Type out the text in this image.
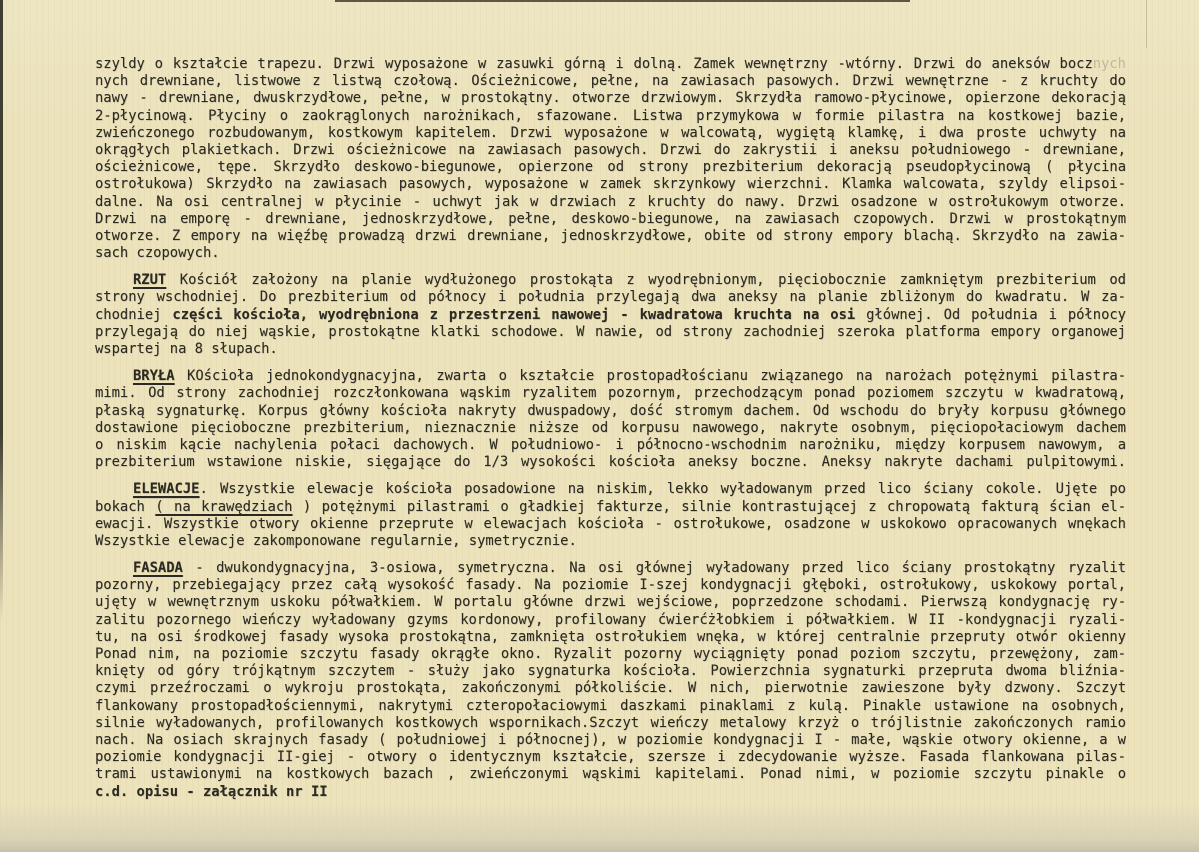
szyldy o kształcie trapezu. Drzwi wyposażone w zasuwki górną i dolną. Zamek wewnętrzny -wtórny. Drzwi do aneksów bocznych
nych drewniane, listwowe z listwą czołową. Ościeżnicowe, pełne, na zawiasach pasowych. Drzwi wewnętrzne - z kruchty do
nawy - drewniane, dwuskrzydłowe, pełne, w prostokątny. otworze drzwiowym. Skrzydła ramowo-płycinowe, opierzone dekoracją
2-płycinową. Płyciny o zaokrąglonych narożnikach, sfazowane. Listwa przymykowa w formie pilastra na kostkowej bazie,
zwieńczonego rozbudowanym, kostkowym kapitelem. Drzwi wyposażone w walcowatą, wygiętą klamkę, i dwa proste uchwyty na
okrągłych plakietkach. Drzwi ościeżnicowe na zawiasach pasowych. Drzwi do zakrystii i aneksu południowego - drewniane,
ościeżnicowe, tępe. Skrzydło deskowo-biegunowe, opierzone od strony prezbiterium dekoracją pseudopłycinową ( płycina
ostrołukowa) Skrzydło na zawiasach pasowych, wyposażone w zamek skrzynkowy wierzchni. Klamka walcowata, szyldy elipsoi-
dalne. Na osi centralnej w płycinie - uchwyt jak w drzwiach z kruchty do nawy. Drzwi osadzone w ostrołukowym otworze.
Drzwi na emporę - drewniane, jednoskrzydłowe, pełne, deskowo-biegunowe, na zawiasach czopowych. Drzwi w prostokątnym
otworze. Z empory na więźbę prowadzą drzwi drewniane, jednoskrzydłowe, obite od strony empory blachą. Skrzydło na zawia-
sach czopowych.
RZUT Kościół założony na planie wydłużonego prostokąta z wyodrębnionym, pięciobocznie zamkniętym prezbiterium od
strony wschodniej. Do prezbiterium od północy i południa przylegają dwa aneksy na planie zbliżonym do kwadratu. W za-
chodniej części kościoła, wyodrębniona z przestrzeni nawowej - kwadratowa kruchta na osi głównej. Od południa i północy
przylegają do niej wąskie, prostokątne klatki schodowe. W nawie, od strony zachodniej szeroka platforma empory organowej
wspartej na 8 słupach.
BRYŁA KOścioła jednokondygnacyjna, zwarta o kształcie prostopadłościanu związanego na narożach potężnymi pilastra-
mimi. Od strony zachodniej rozczłonkowana wąskim ryzalitem pozornym, przechodzącym ponad poziomem szczytu w kwadratową,
płaską sygnaturkę. Korpus główny kościoła nakryty dwuspadowy, dość stromym dachem. Od wschodu do bryły korpusu głównego
dostawione pięcioboczne prezbiterium, nieznacznie niższe od korpusu nawowego, nakryte osobnym, pięciopołaciowym dachem
o niskim kącie nachylenia połaci dachowych. W południowo- i północno-wschodnim narożniku, między korpusem nawowym, a
prezbiterium wstawione niskie, sięgające do 1/3 wysokości kościoła aneksy boczne. Aneksy nakryte dachami pulpitowymi.
ELEWACJE. Wszystkie elewacje kościoła posadowione na niskim, lekko wyładowanym przed lico ściany cokole. Ujęte po
bokach ( na krawędziach ) potężnymi pilastrami o gładkiej fakturze, silnie kontrastującej z chropowatą fakturą ścian el-
ewacji. Wszystkie otwory okienne przeprute w elewacjach kościoła - ostrołukowe, osadzone w uskokowo opracowanych wnękach
Wszystkie elewacje zakomponowane regularnie, symetrycznie.
FASADA - dwukondygnacyjna, 3-osiowa, symetryczna. Na osi głównej wyładowany przed lico ściany prostokątny ryzalit
pozorny, przebiegający przez całą wysokość fasady. Na poziomie I-szej kondygnacji głęboki, ostrołukowy, uskokowy portal,
ujęty w wewnętrznym uskoku półwałkiem. W portalu główne drzwi wejściowe, poprzedzone schodami. Pierwszą kondygnację ry-
zalitu pozornego wieńczy wyładowany gzyms kordonowy, profilowany ćwierćżłobkiem i półwałkiem. W II -kondygnacji ryzali-
tu, na osi środkowej fasady wysoka prostokątna, zamknięta ostrołukiem wnęka, w której centralnie przepruty otwór okienny
Ponad nim, na poziomie szczytu fasady okrągłe okno. Ryzalit pozorny wyciągnięty ponad poziom szczytu, przewężony, zam-
knięty od góry trójkątnym szczytem - służy jako sygnaturka kościoła. Powierzchnia sygnaturki przepruta dwoma bliźnia-
czymi przeźroczami o wykroju prostokąta, zakończonymi półkoliście. W nich, pierwotnie zawieszone były dzwony. Szczyt
flankowany prostopadłościennymi, nakrytymi czteropołaciowymi daszkami pinaklami z kulą. Pinakle ustawione na osobnych,
silnie wyładowanych, profilowanych kostkowych wspornikach.Szczyt wieńczy metalowy krzyż o trójlistnie zakończonych ramio
nach. Na osiach skrajnych fasady ( południowej i północnej), w poziomie kondygnacji I - małe, wąskie otwory okienne, a w
poziomie kondygnacji II-giej - otwory o identycznym kształcie, szersze i zdecydowanie wyższe. Fasada flankowana pilas-
trami ustawionymi na kostkowych bazach , zwieńczonymi wąskimi kapitelami. Ponad nimi, w poziomie szczytu pinakle o
c.d. opisu - załącznik nr II
